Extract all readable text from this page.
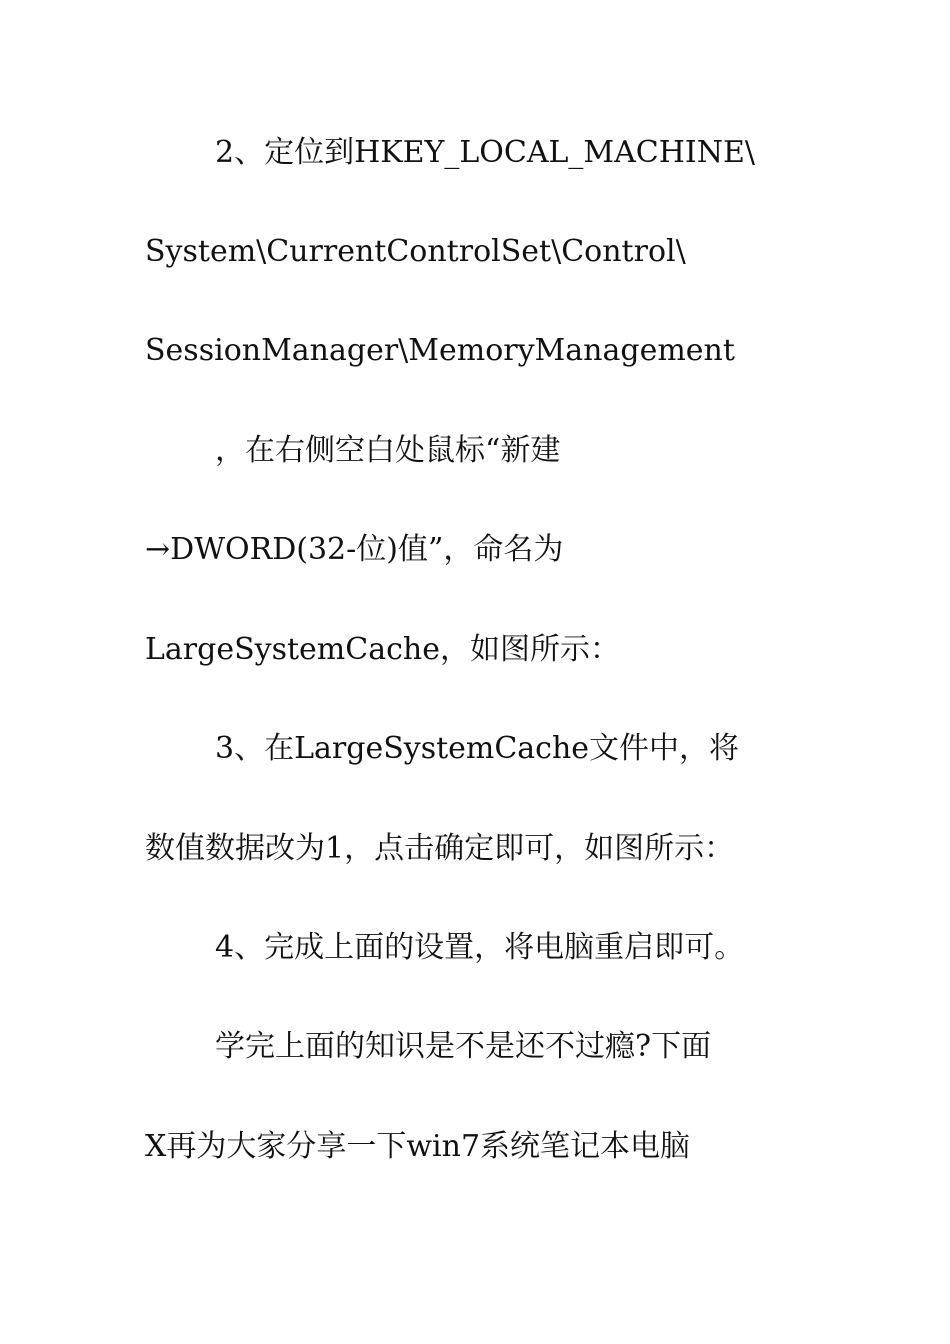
2、定位到HKEY_LOCAL_MACHINE\
System\CurrentControlSet\Control\
SessionManager\MemoryManagement
，在右侧空白处鼠标“新建
→DWORD(32-位)值”，命名为
LargeSystemCache，如图所示：
3、在LargeSystemCache文件中，将
数值数据改为1，点击确定即可，如图所示：
4、完成上面的设置，将电脑重启即可。
学完上面的知识是不是还不过瘾?下面
X再为大家分享一下win7系统笔记本电脑
